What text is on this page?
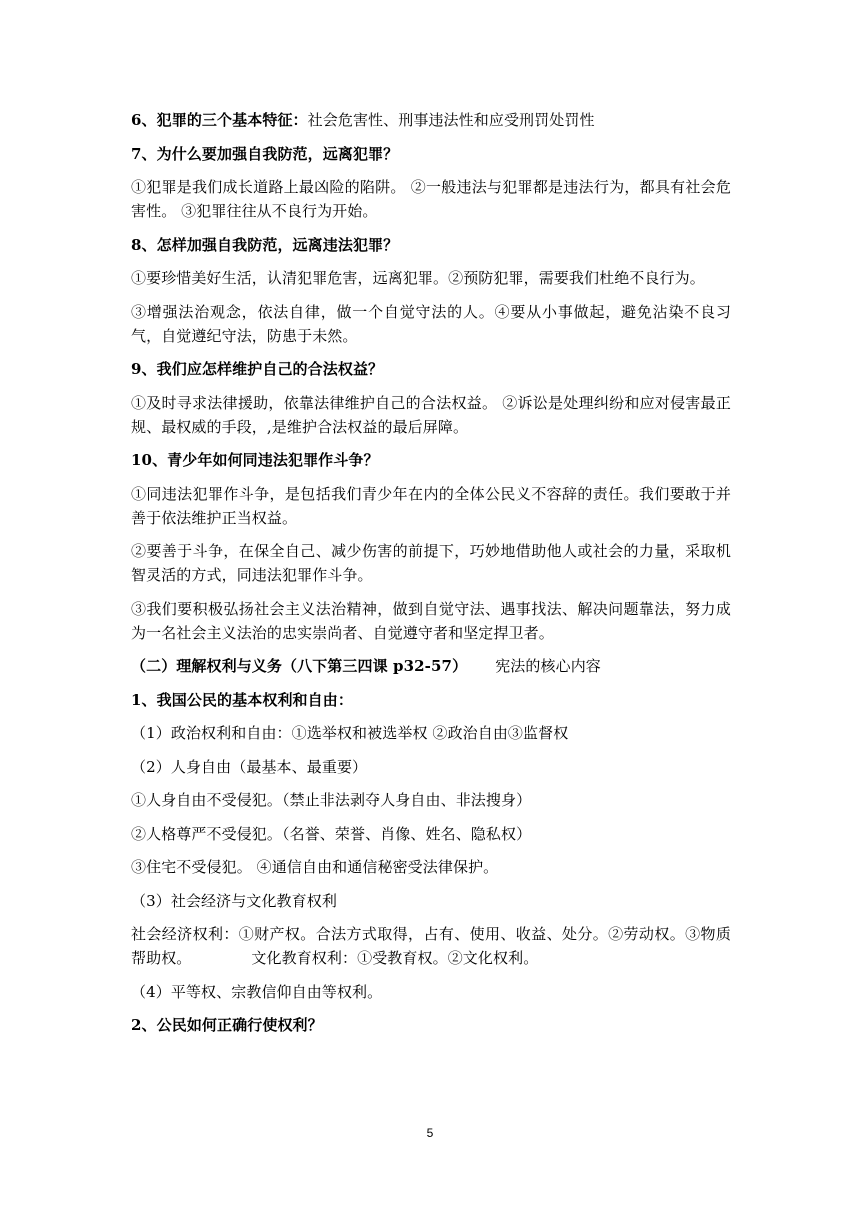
6、犯罪的三个基本特征：社会危害性、刑事违法性和应受刑罚处罚性
7、为什么要加强自我防范，远离犯罪？
①犯罪是我们成长道路上最凶险的陷阱。 ②一般违法与犯罪都是违法行为，都具有社会危害性。 ③犯罪往往从不良行为开始。
8、怎样加强自我防范，远离违法犯罪？
①要珍惜美好生活，认清犯罪危害，远离犯罪。②预防犯罪，需要我们杜绝不良行为。
③增强法治观念，依法自律，做一个自觉守法的人。④要从小事做起，避免沾染不良习气，自觉遵纪守法，防患于未然。
9、我们应怎样维护自己的合法权益？
①及时寻求法律援助，依靠法律维护自己的合法权益。 ②诉讼是处理纠纷和应对侵害最正规、最权威的手段，,是维护合法权益的最后屏障。
10、青少年如何同违法犯罪作斗争？
①同违法犯罪作斗争，是包括我们青少年在内的全体公民义不容辞的责任。我们要敢于并善于依法维护正当权益。
②要善于斗争，在保全自己、减少伤害的前提下，巧妙地借助他人或社会的力量，采取机智灵活的方式，同违法犯罪作斗争。
③我们要积极弘扬社会主义法治精神，做到自觉守法、遇事找法、解决问题靠法，努力成为一名社会主义法治的忠实崇尚者、自觉遵守者和坚定捍卫者。
（二）理解权利与义务（八下第三四课 p32-57） 宪法的核心内容
1、我国公民的基本权利和自由：
（1）政治权利和自由：①选举权和被选举权 ②政治自由③监督权
（2）人身自由（最基本、最重要）
①人身自由不受侵犯。（禁止非法剥夺人身自由、非法搜身）
②人格尊严不受侵犯。（名誉、荣誉、肖像、姓名、隐私权）
③住宅不受侵犯。 ④通信自由和通信秘密受法律保护。
（3）社会经济与文化教育权利
社会经济权利：①财产权。合法方式取得，占有、使用、收益、处分。②劳动权。③物质帮助权。	文化教育权利：①受教育权。②文化权利。
（4）平等权、宗教信仰自由等权利。
2、公民如何正确行使权利？
5
